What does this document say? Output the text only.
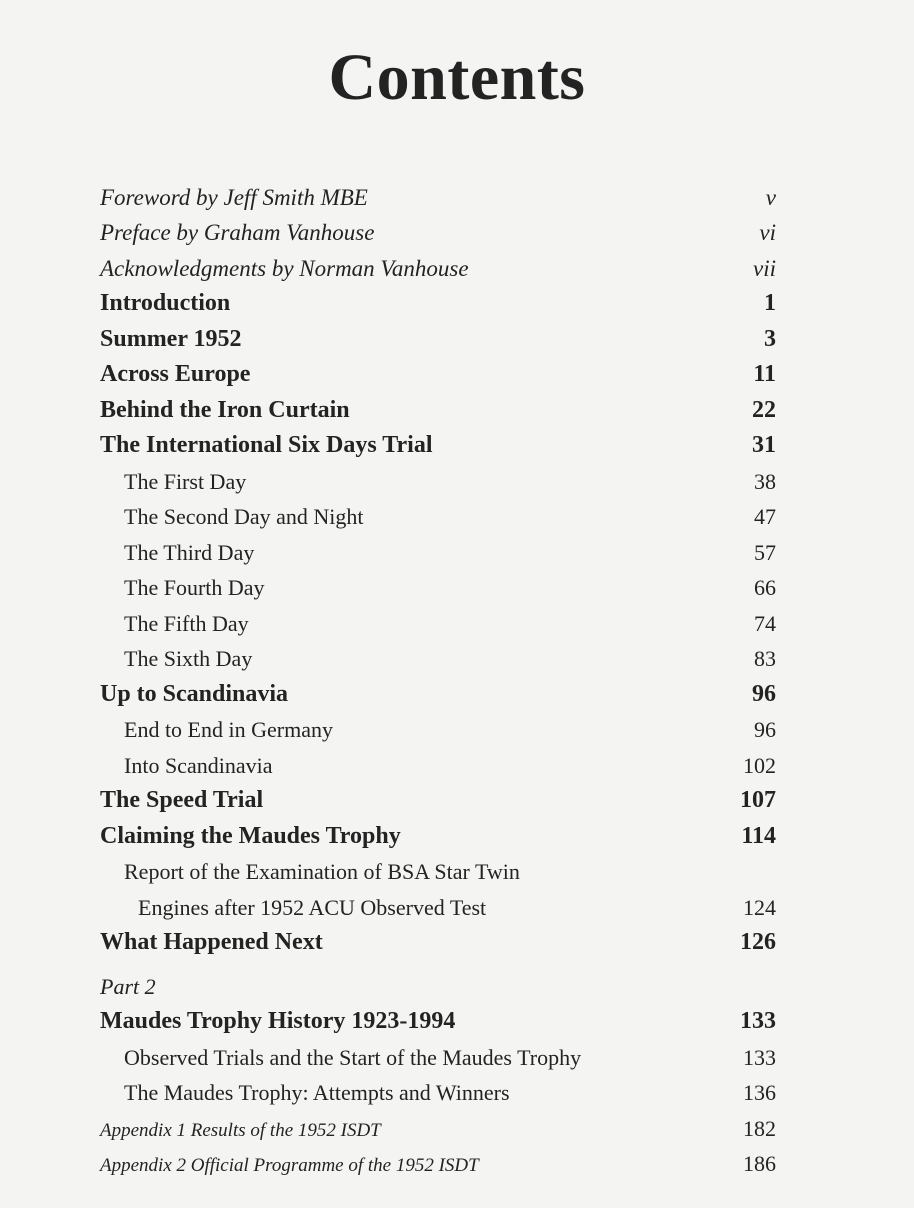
Contents
Foreword by Jeff Smith MBE	v
Preface by Graham Vanhouse	vi
Acknowledgments by Norman Vanhouse	vii
Introduction	1
Summer 1952	3
Across Europe	11
Behind the Iron Curtain	22
The International Six Days Trial	31
The First Day	38
The Second Day and Night	47
The Third Day	57
The Fourth Day	66
The Fifth Day	74
The Sixth Day	83
Up to Scandinavia	96
End to End in Germany	96
Into Scandinavia	102
The Speed Trial	107
Claiming the Maudes Trophy	114
Report of the Examination of BSA Star Twin
Engines after 1952 ACU Observed Test	124
What Happened Next	126
Part 2
Maudes Trophy History 1923-1994	133
Observed Trials and the Start of the Maudes Trophy	133
The Maudes Trophy: Attempts and Winners	136
Appendix 1 Results of the 1952 ISDT	182
Appendix 2 Official Programme of the 1952 ISDT	186
